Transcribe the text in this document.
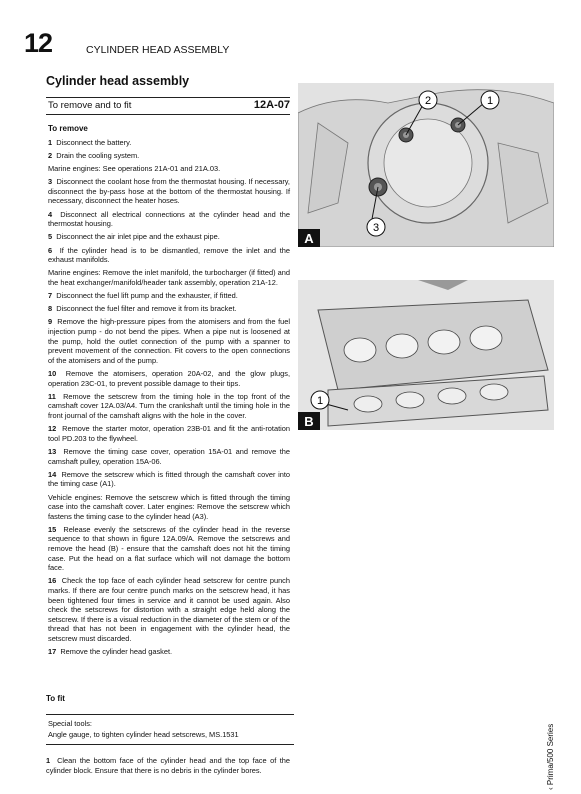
12	CYLINDER HEAD ASSEMBLY
Cylinder head assembly
To remove and to fit	12A-07

To remove

1 Disconnect the battery.

2 Drain the cooling system.

Marine engines: See operations 21A-01 and 21A.03.

3 Disconnect the coolant hose from the thermostat housing. If necessary, disconnect the by-pass hose at the bottom of the thermostat housing. If necessary, disconnect the heater hoses.

4 Disconnect all electrical connections at the cylinder head and the thermostat housing.

5 Disconnect the air inlet pipe and the exhaust pipe.

6 If the cylinder head is to be dismantled, remove the inlet and the exhaust manifolds.

Marine engines: Remove the inlet manifold, the turbocharger (if fitted) and the heat exchanger/manifold/header tank assembly, operation 21A-12.

7 Disconnect the fuel lift pump and the exhauster, if fitted.

8 Disconnect the fuel filter and remove it from its bracket.

9 Remove the high-pressure pipes from the atomisers and from the fuel injection pump - do not bend the pipes. When a pipe nut is loosened at the pump, hold the outlet connection of the pump with a spanner to prevent movement of the connection. Fit covers to the open connections of the atomisers and of the pump.

10 Remove the atomisers, operation 20A-02, and the glow plugs, operation 23C-01, to prevent possible damage to their tips.

11 Remove the setscrew from the timing hole in the top front of the camshaft cover 12A.03/A4. Turn the crankshaft until the timing hole in the front journal of the camshaft aligns with the hole in the cover.

12 Remove the starter motor, operation 23B-01 and fit the anti-rotation tool PD.203 to the flywheel.

13 Remove the timing case cover, operation 15A-01 and remove the camshaft pulley, operation 15A-06.

14 Remove the setscrew which is fitted through the camshaft cover into the timing case (A1).

Vehicle engines: Remove the setscrew which is fitted through the timing case into the camshaft cover. Later engines: Remove the setscrew which fastens the timing case to the cylinder head (A3).

15 Release evenly the setscrews of the cylinder head in the reverse sequence to that shown in figure 12A.09/A. Remove the setscrews and remove the head (B) - ensure that the camshaft does not hit the timing case. Put the head on a flat surface which will not damage the bottom face.

16 Check the top face of each cylinder head setscrew for centre punch marks. If there are four centre punch marks on the setscrew head, it has been tightened four times in service and it cannot be used again. Also check the setscrews for distortion with a straight edge held along the setscrew. If there is a visual reduction in the diameter of the stem or of the thread that has not been in engagement with the cylinder head, the setscrew must discarded.

17 Remove the cylinder head gasket.

To fit
Special tools:
Angle gauge, to tighten cylinder head setscrews, MS.1531
1 Clean the bottom face of the cylinder head and the top face of the cylinder block. Ensure that there is no debris in the cylinder bores.
2	1
3
A
1
B
‹ Prima/500 Series
